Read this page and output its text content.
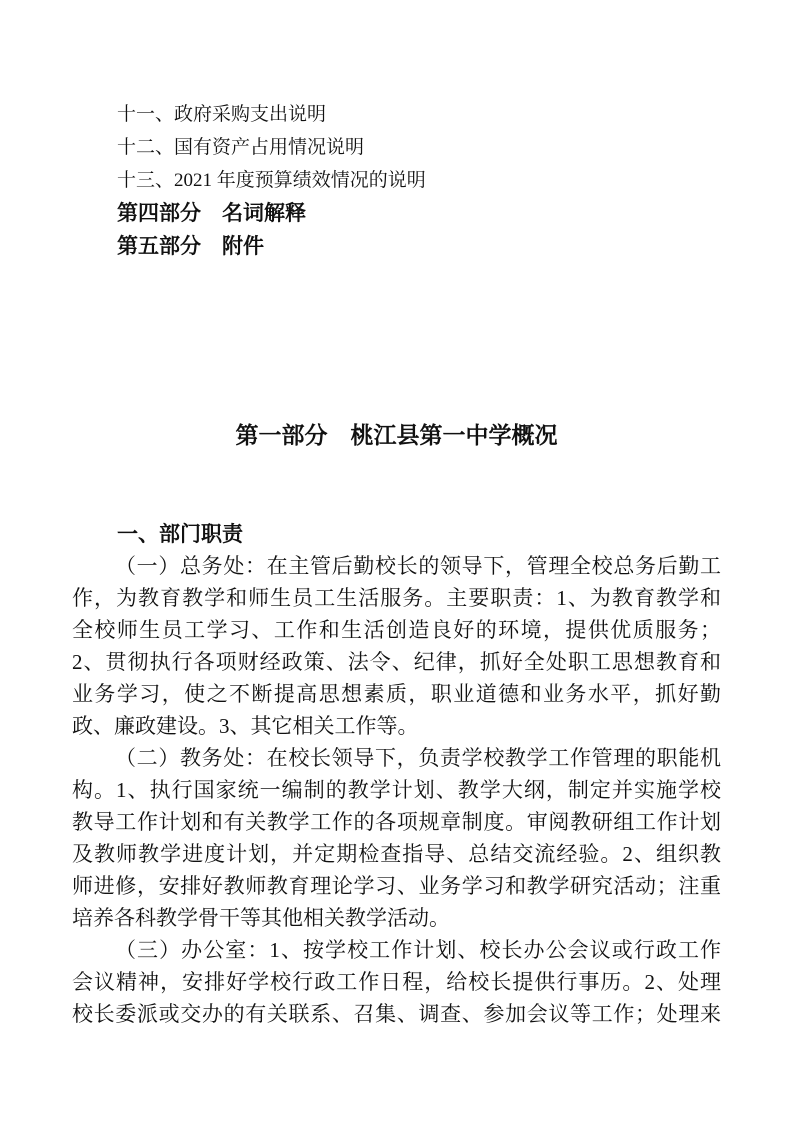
十一、政府采购支出说明
十二、国有资产占用情况说明
十三、2021 年度预算绩效情况的说明
第四部分　名词解释
第五部分　附件
第一部分　桃江县第一中学概况
一、部门职责
（一）总务处：在主管后勤校长的领导下，管理全校总务后勤工
作，为教育教学和师生员工生活服务。主要职责：1、为教育教学和
全校师生员工学习、工作和生活创造良好的环境，提供优质服务；
2、贯彻执行各项财经政策、法令、纪律，抓好全处职工思想教育和
业务学习，使之不断提高思想素质，职业道德和业务水平，抓好勤
政、廉政建设。3、其它相关工作等。
（二）教务处：在校长领导下，负责学校教学工作管理的职能机
构。1、执行国家统一编制的教学计划、教学大纲，制定并实施学校
教导工作计划和有关教学工作的各项规章制度。审阅教研组工作计划
及教师教学进度计划，并定期检查指导、总结交流经验。2、组织教
师进修，安排好教师教育理论学习、业务学习和教学研究活动；注重
培养各科教学骨干等其他相关教学活动。
（三）办公室：1、按学校工作计划、校长办公会议或行政工作
会议精神，安排好学校行政工作日程，给校长提供行事历。2、处理
校长委派或交办的有关联系、召集、调查、参加会议等工作；处理来
